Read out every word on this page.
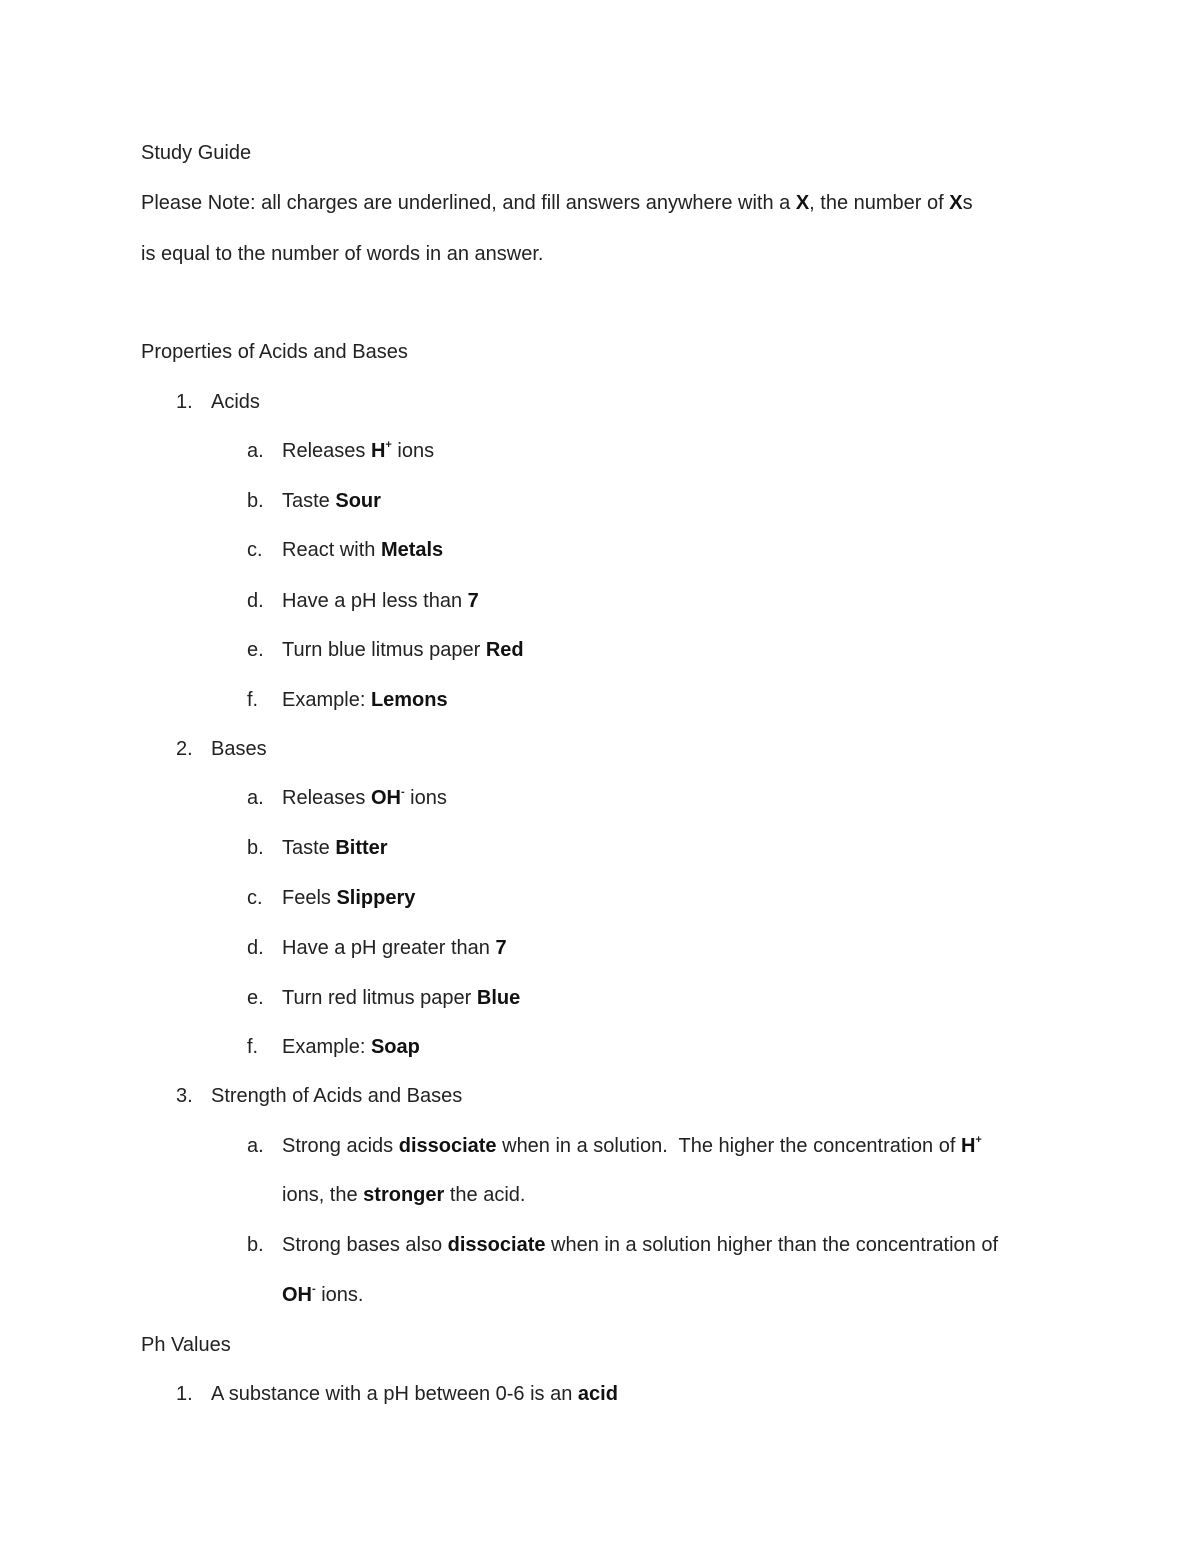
Study Guide
Please Note: all charges are underlined, and fill answers anywhere with a X, the number of Xs
is equal to the number of words in an answer.
Properties of Acids and Bases
1. Acids
a. Releases H+ ions
b. Taste Sour
c. React with Metals
d. Have a pH less than 7
e. Turn blue litmus paper Red
f. Example: Lemons
2. Bases
a. Releases OH- ions
b. Taste Bitter
c. Feels Slippery
d. Have a pH greater than 7
e. Turn red litmus paper Blue
f. Example: Soap
3. Strength of Acids and Bases
a. Strong acids dissociate when in a solution.  The higher the concentration of H+
ions, the stronger the acid.
b. Strong bases also dissociate when in a solution higher than the concentration of
OH- ions.
Ph Values
1. A substance with a pH between 0-6 is an acid
